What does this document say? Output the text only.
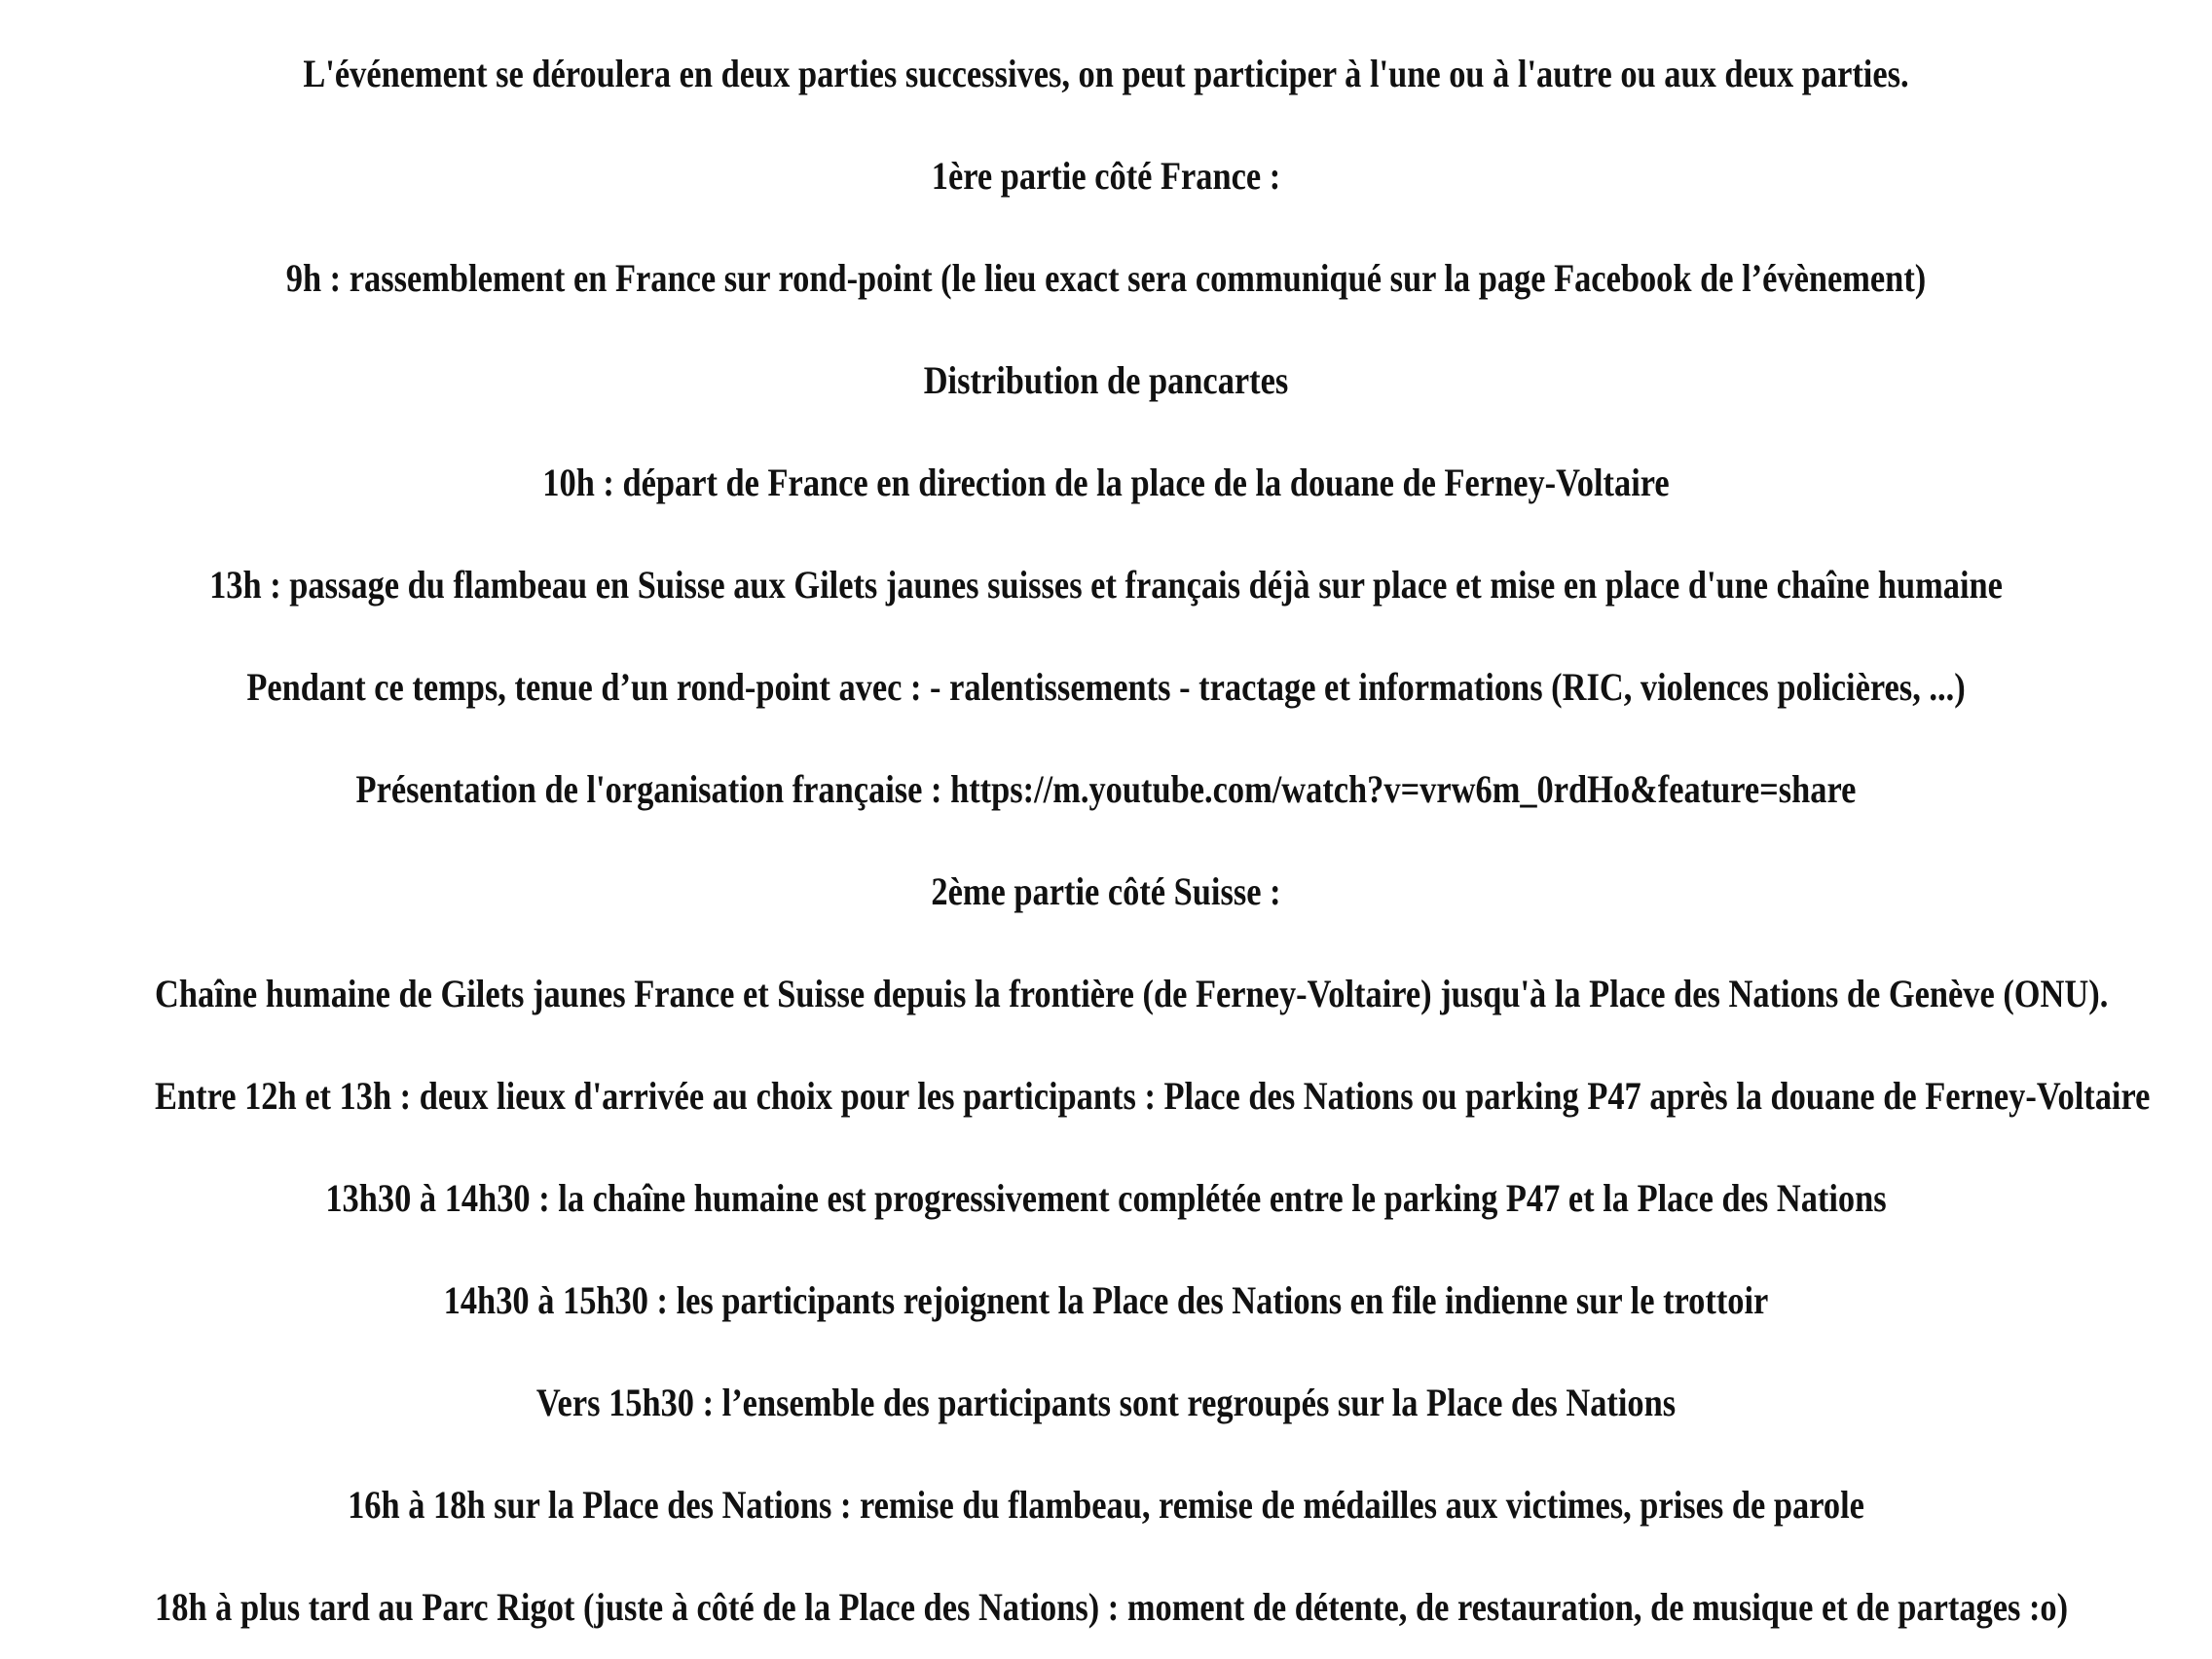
L'événement se déroulera en deux parties successives, on peut participer à l'une ou à l'autre ou aux deux parties.
1ère partie côté France :
9h : rassemblement en France sur rond-point (le lieu exact sera communiqué sur la page Facebook de l’évènement)
Distribution de pancartes
10h : départ de France en direction de la place de la douane de Ferney-Voltaire
13h : passage du flambeau en Suisse aux Gilets jaunes suisses et français déjà sur place et mise en place d'une chaîne humaine
Pendant ce temps, tenue d’un rond-point avec : - ralentissements - tractage et informations (RIC, violences policières, ...)
Présentation de l'organisation française : https://m.youtube.com/watch?v=vrw6m_0rdHo&feature=share
2ème partie côté Suisse :
Chaîne humaine de Gilets jaunes France et Suisse depuis la frontière (de Ferney-Voltaire) jusqu'à la Place des Nations de Genève (ONU).
Entre 12h et 13h : deux lieux d'arrivée au choix pour les participants : Place des Nations ou parking P47 après la douane de Ferney-Voltaire
13h30 à 14h30 : la chaîne humaine est progressivement complétée entre le parking P47 et la Place des Nations
14h30 à 15h30 : les participants rejoignent la Place des Nations en file indienne sur le trottoir
Vers 15h30 : l’ensemble des participants sont regroupés sur la Place des Nations
16h à 18h sur la Place des Nations : remise du flambeau, remise de médailles aux victimes, prises de parole
18h à plus tard au Parc Rigot (juste à côté de la Place des Nations) : moment de détente, de restauration, de musique et de partages :o)
